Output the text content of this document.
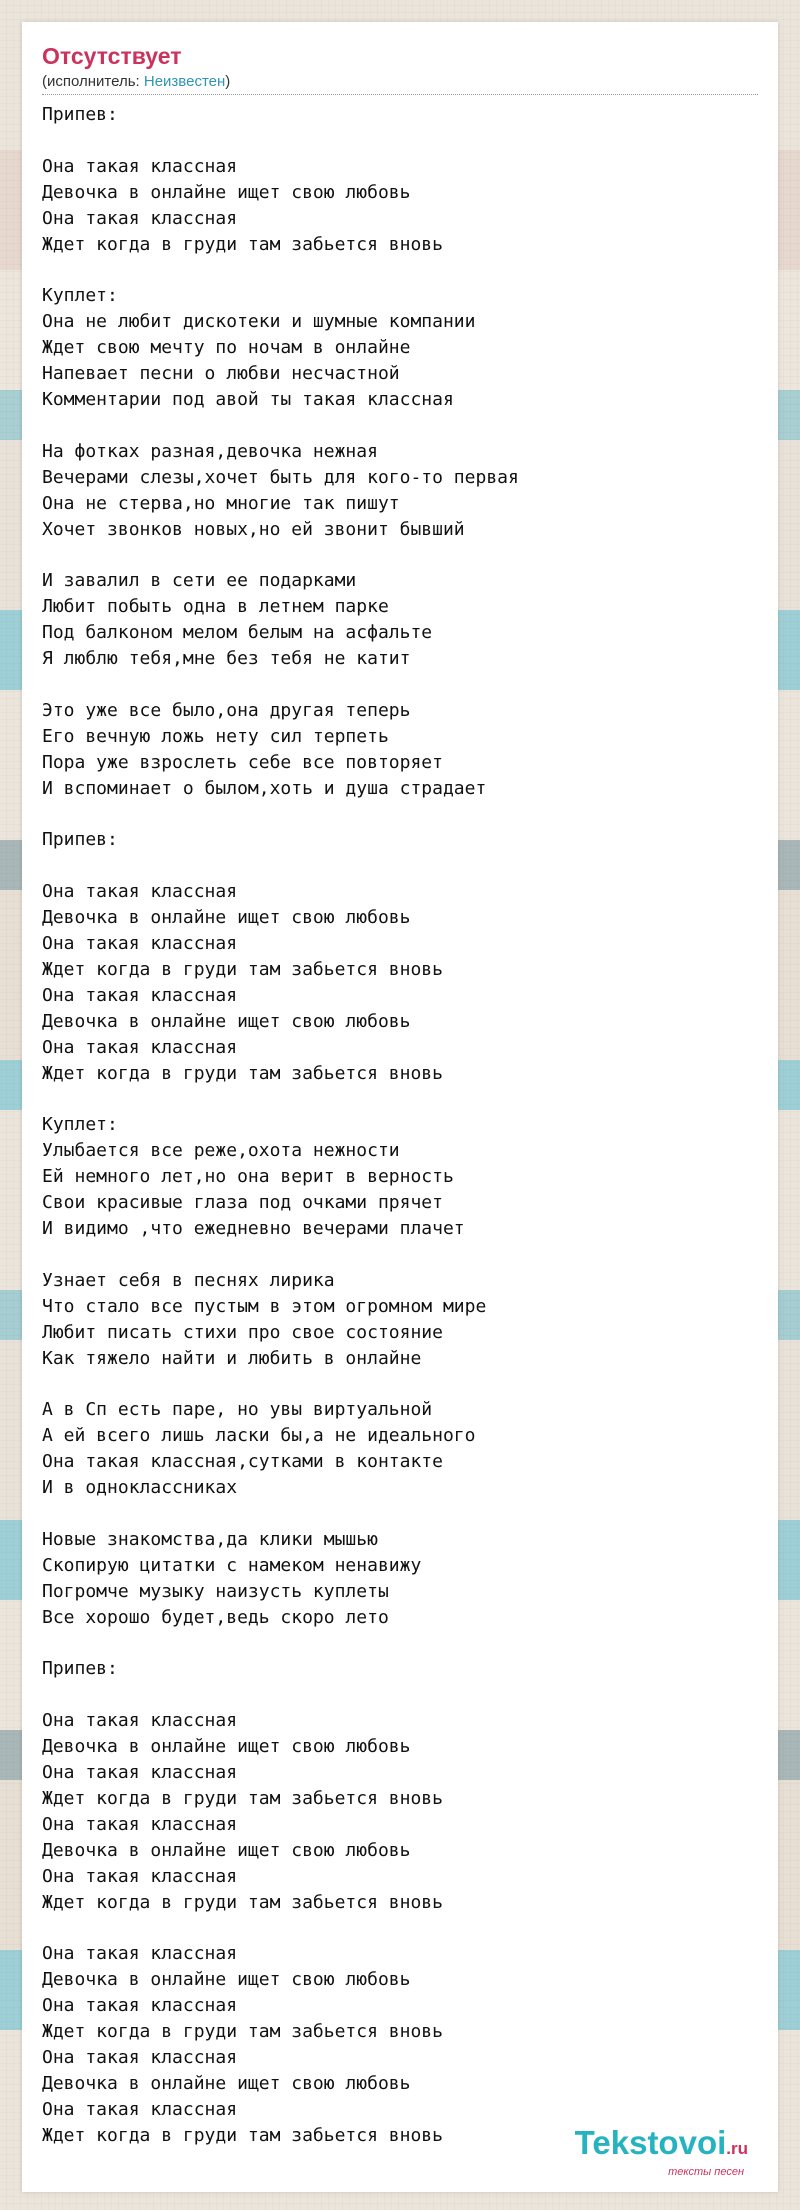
Отсутствует
(исполнитель: Неизвестен)
Припев:

Она такая классная
Девочка в онлайне ищет свою любовь
Она такая классная
Ждет когда в груди там забьется вновь

Куплет:
Она не любит дискотеки и шумные компании
Ждет свою мечту по ночам в онлайне
Напевает песни о любви несчастной
Комментарии под авой ты такая классная

На фотках разная,девочка нежная
Вечерами слезы,хочет быть для кого-то первая
Она не стерва,но многие так пишут
Хочет звонков новых,но ей звонит бывший

И завалил в сети ее подарками
Любит побыть одна в летнем парке
Под балконом мелом белым на асфальте
Я люблю тебя,мне без тебя не катит

Это уже все было,она другая теперь
Его вечную ложь нету сил терпеть
Пора уже взрослеть себе все повторяет
И вспоминает о былом,хоть и душа страдает

Припев:

Она такая классная
Девочка в онлайне ищет свою любовь
Она такая классная
Ждет когда в груди там забьется вновь
Она такая классная
Девочка в онлайне ищет свою любовь
Она такая классная
Ждет когда в груди там забьется вновь

Куплет:
Улыбается все реже,охота нежности
Ей немного лет,но она верит в верность
Свои красивые глаза под очками прячет
И видимо ,что ежедневно вечерами плачет

Узнает себя в песнях лирика
Что стало все пустым в этом огромном мире
Любит писать стихи про свое состояние
Как тяжело найти и любить в онлайне

А в Сп есть паре, но увы виртуальной
А ей всего лишь ласки бы,а не идеального
Она такая классная,сутками в контакте
И в одноклассниках

Новые знакомства,да клики мышью
Скопирую цитатки с намеком ненавижу
Погромче музыку наизусть куплеты
Все хорошо будет,ведь скоро лето

Припев:

Она такая классная
Девочка в онлайне ищет свою любовь
Она такая классная
Ждет когда в груди там забьется вновь
Она такая классная
Девочка в онлайне ищет свою любовь
Она такая классная
Ждет когда в груди там забьется вновь

Она такая классная
Девочка в онлайне ищет свою любовь
Она такая классная
Ждет когда в груди там забьется вновь
Она такая классная
Девочка в онлайне ищет свою любовь
Она такая классная
Ждет когда в груди там забьется вновь	Tekstovoi.ru
тексты песен
